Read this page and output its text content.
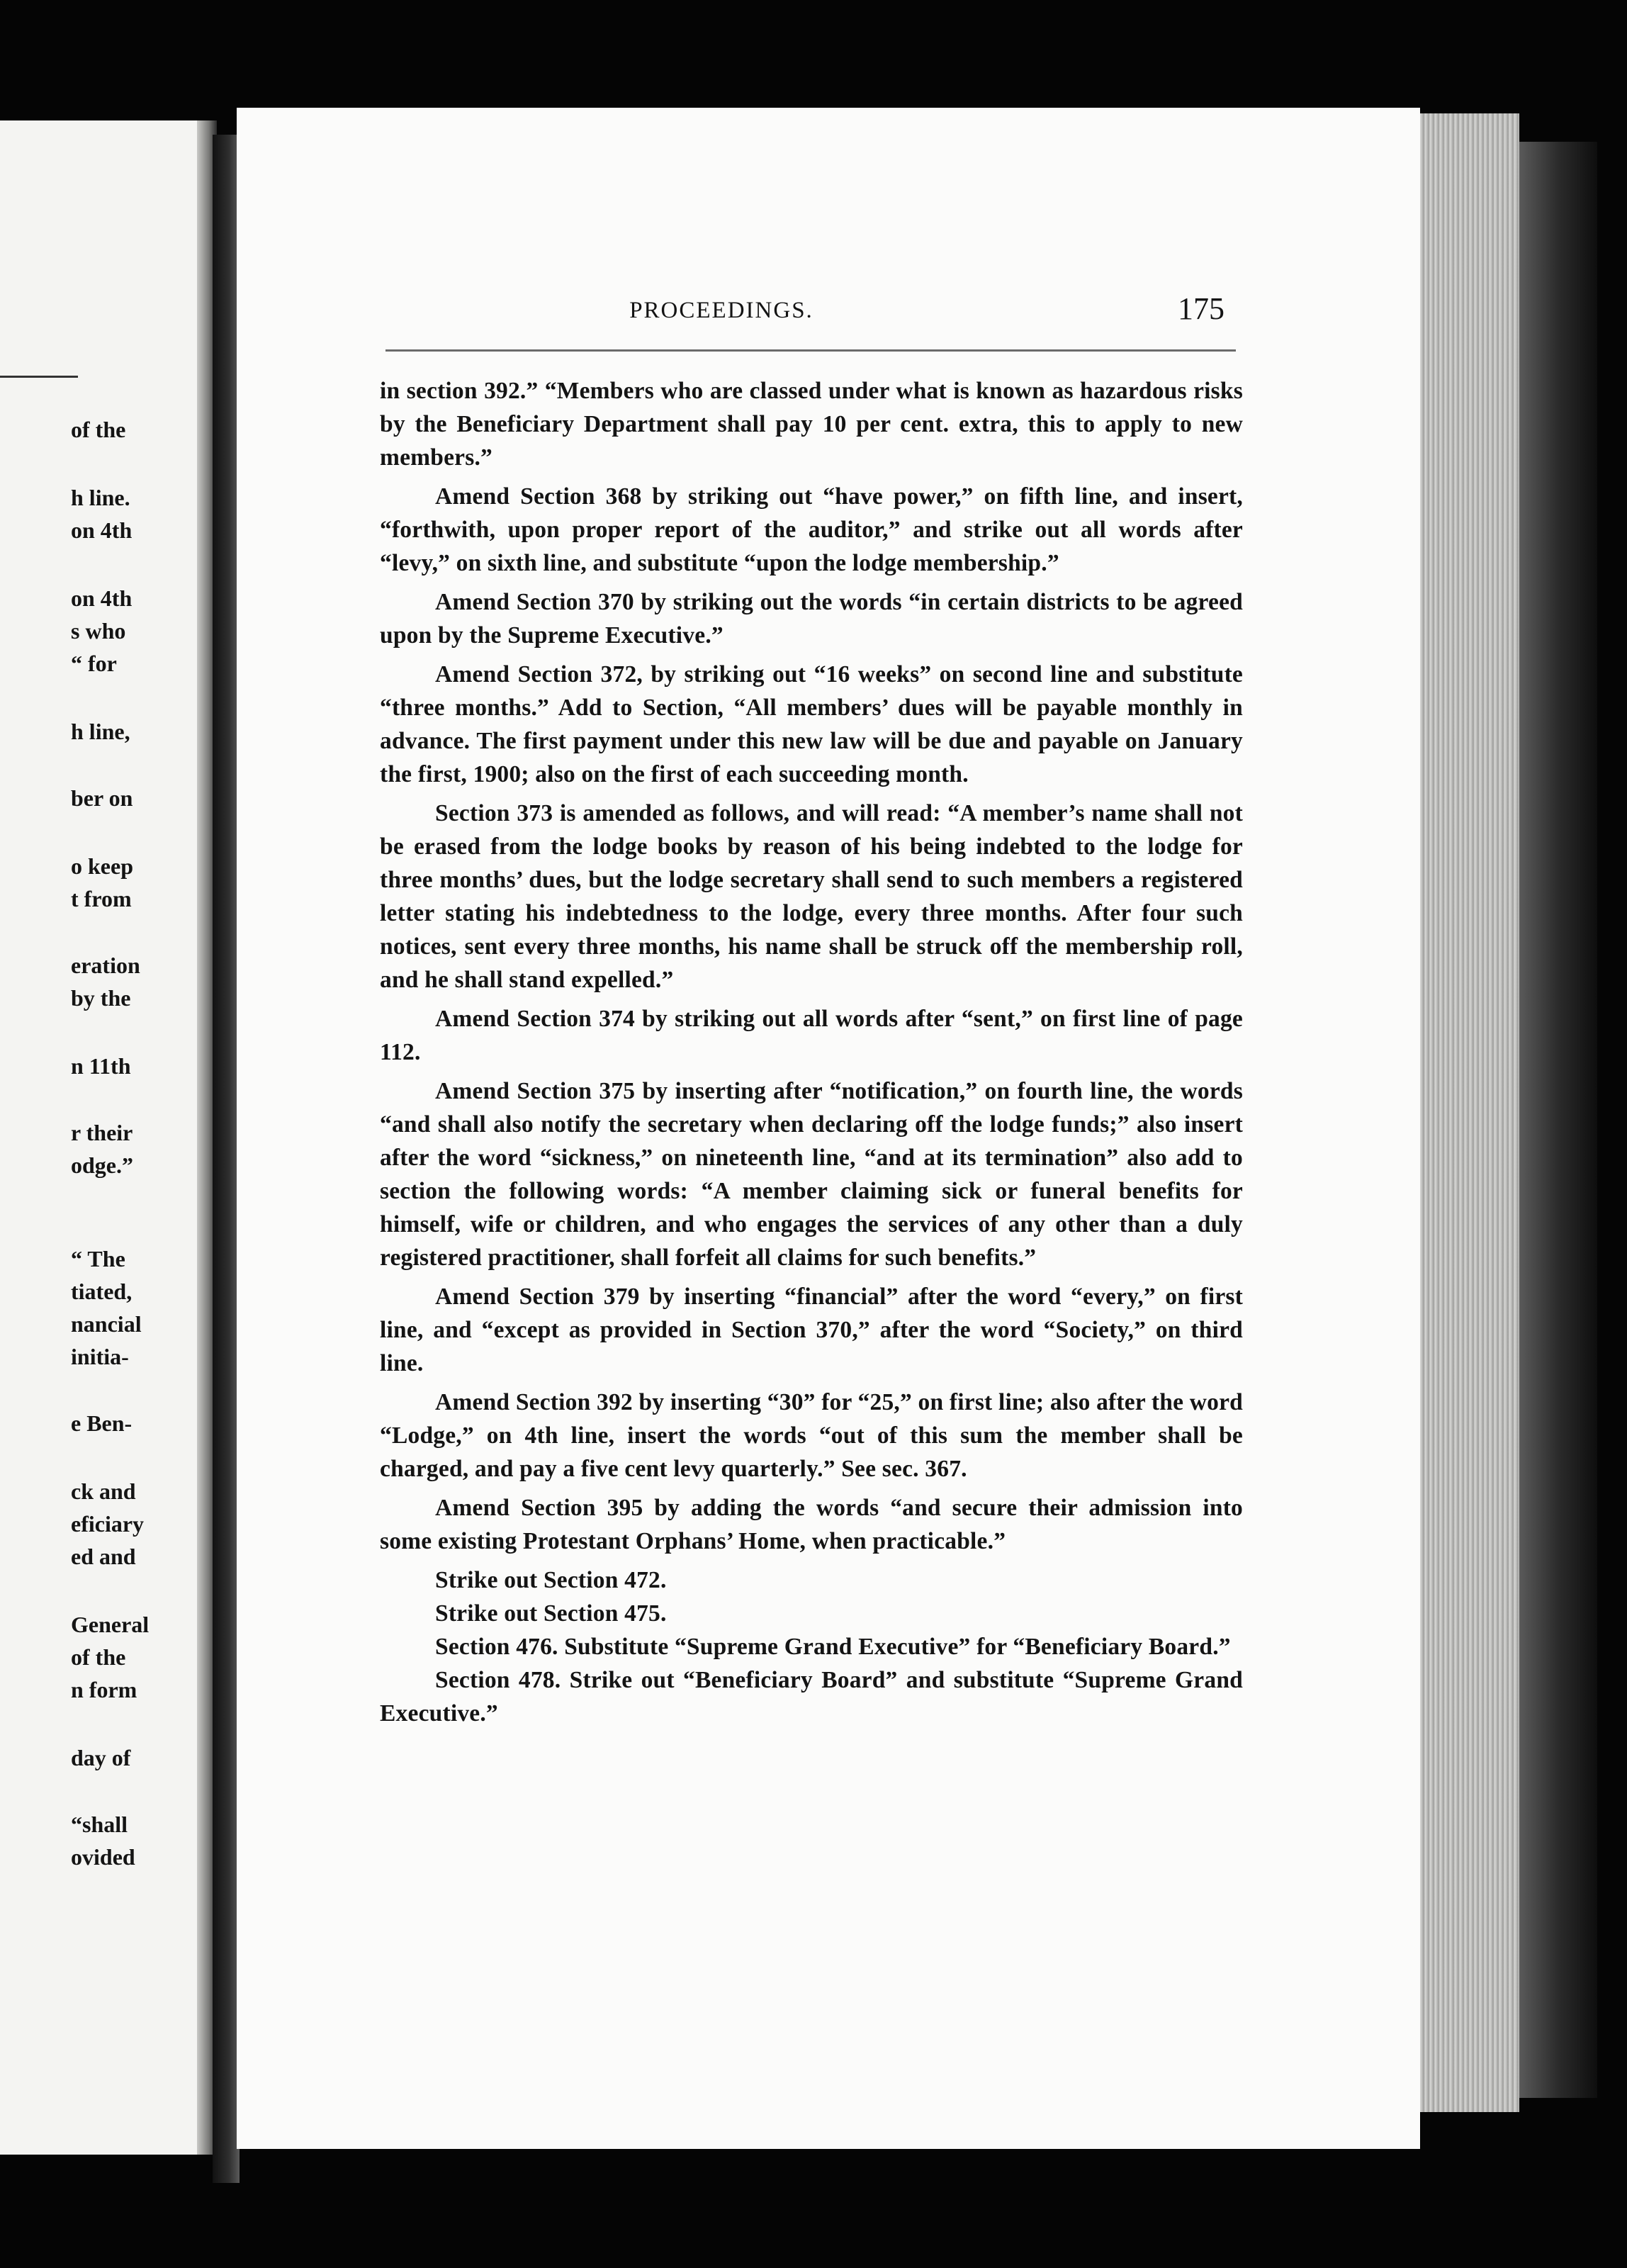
of the
h line.
on 4th
on 4th
s who
“ for
h line,
ber on
o keep
t from
eration
by the
n 11th
r their
odge.”
“ The
tiated,
nancial
initia-
e Ben-
ck and
eficiary
ed and
General
of the
n form
day of
“shall
ovided
PROCEEDINGS.	175

in section 392.” “Members who are classed under what is known as hazardous risks by the Beneficiary Department shall pay 10 per cent. extra, this to apply to new members.”

Amend Section 368 by striking out “have power,” on fifth line, and insert, “forthwith, upon proper report of the auditor,” and strike out all words after “levy,” on sixth line, and substitute “upon the lodge membership.”

Amend Section 370 by striking out the words “in certain districts to be agreed upon by the Supreme Executive.”

Amend Section 372, by striking out “16 weeks” on second line and substitute “three months.” Add to Section, “All members’ dues will be payable monthly in advance. The first payment under this new law will be due and payable on January the first, 1900; also on the first of each succeeding month.

Section 373 is amended as follows, and will read: “A member’s name shall not be erased from the lodge books by reason of his being indebted to the lodge for three months’ dues, but the lodge secretary shall send to such members a registered letter stating his indebtedness to the lodge, every three months. After four such notices, sent every three months, his name shall be struck off the membership roll, and he shall stand expelled.”

Amend Section 374 by striking out all words after “sent,” on first line of page 112.

Amend Section 375 by inserting after “notification,” on fourth line, the words “and shall also notify the secretary when declaring off the lodge funds;” also insert after the word “sickness,” on nineteenth line, “and at its termination” also add to section the following words: “A member claiming sick or funeral benefits for himself, wife or children, and who engages the services of any other than a duly registered practitioner, shall forfeit all claims for such benefits.”

Amend Section 379 by inserting “financial” after the word “every,” on first line, and “except as provided in Section 370,” after the word “Society,” on third line.

Amend Section 392 by inserting “30” for “25,” on first line; also after the word “Lodge,” on 4th line, insert the words “out of this sum the member shall be charged, and pay a five cent levy quarterly.” See sec. 367.

Amend Section 395 by adding the words “and secure their admission into some existing Protestant Orphans’ Home, when practicable.”

Strike out Section 472.

Strike out Section 475.

Section 476. Substitute “Supreme Grand Executive” for “Beneficiary Board.”

Section 478. Strike out “Beneficiary Board” and substitute “Supreme Grand Executive.”
